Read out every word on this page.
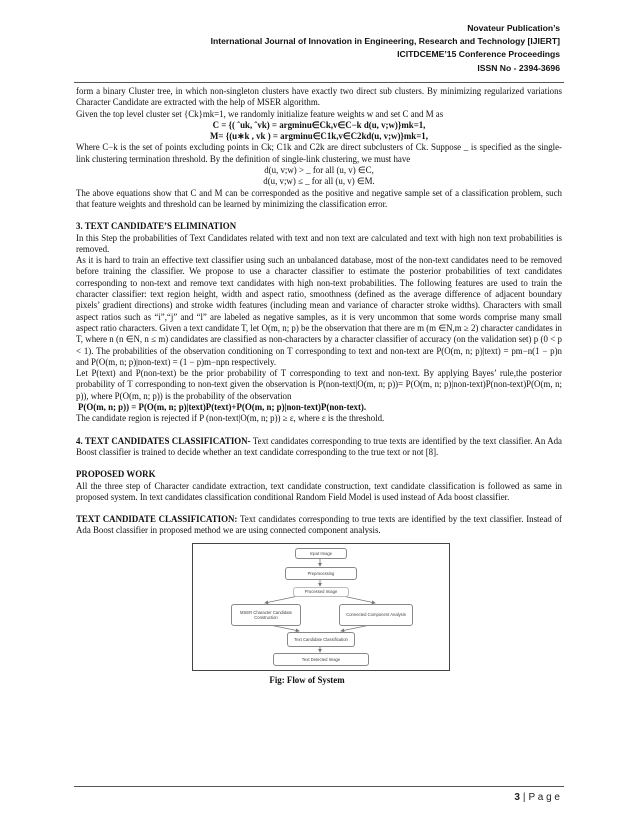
Novateur Publication’s
International Journal of Innovation in Engineering, Research and Technology [IJIERT]
ICITDCEME’15 Conference Proceedings
ISSN No - 2394-3696

form a binary Cluster tree, in which non-singleton clusters have exactly two direct sub clusters. By minimizing regularized variations Character Candidate are extracted with the help of MSER algorithm.

Given the top level cluster set {Ck}mk=1, we randomly initialize feature weights w and set C and M as

C = {( ˆuk, ˆvk) = argminu∈Ck,v∈C−k d(u, v;w)}mk=1,

M= {(u∗k , vk ) = argminu∈C1k,v∈C2kd(u, v;w)}mk=1,

Where C−k is the set of points excluding points in Ck; C1k and C2k are direct subclusters of Ck. Suppose _ is specified as the single-link clustering termination threshold. By the definition of single-link clustering, we must have

d(u, v;w) > _ for all (u, v) ∈C,

d(u, v;w) ≤ _ for all (u, v) ∈M.

The above equations show that C and M can be corresponded as the positive and negative sample set of a classification problem, such that feature weights and threshold can be learned by minimizing the classification error.

3. TEXT CANDIDATE’S ELIMINATION

In this Step the probabilities of Text Candidates related with text and non text are calculated and text with high non text probabilities is removed.

As it is hard to train an effective text classifier using such an unbalanced database, most of the non-text candidates need to be removed before training the classifier. We propose to use a character classifier to estimate the posterior probabilities of text candidates corresponding to non-text and remove text candidates with high non-text probabilities. The following features are used to train the character classifier: text region height, width and aspect ratio, smoothness (defined as the average difference of adjacent boundary pixels’ gradient directions) and stroke width features (including mean and variance of character stroke widths). Characters with small aspect ratios such as “i”,“j” and “l” are labeled as negative samples, as it is very uncommon that some words comprise many small aspect ratio characters. Given a text candidate T, let O(m, n; p) be the observation that there are m (m ∈N,m ≥ 2) character candidates in T, where n (n ∈N, n ≤ m) candidates are classified as non-characters by a character classifier of accuracy (on the validation set) p (0 < p < 1). The probabilities of the observation conditioning on T corresponding to text and non-text are P(O(m, n; p)|text) = pm−n(1 − p)n and P(O(m, n; p)|non-text) = (1 − p)m−npn respectively.

Let P(text) and P(non-text) be the prior probability of T corresponding to text and non-text. By applying Bayes’ rule,the posterior probability of T corresponding to non-text given the observation is P(non-text|O(m, n; p))= P(O(m, n; p)|non-text)P(non-text)P(O(m, n; p)), where P(O(m, n; p)) is the probability of the observation

P(O(m, n; p)) = P(O(m, n; p)|text)P(text)+P(O(m, n; p)|non-text)P(non-text).

The candidate region is rejected if P (non-text|O(m, n; p)) ≥ ε, where ε is the threshold.

4. TEXT CANDIDATES CLASSIFICATION- Text candidates corresponding to true texts are identified by the text classifier. An Ada Boost classifier is trained to decide whether an text candidate corresponding to the true text or not [8].

PROPOSED WORK

All the three step of Character candidate extraction, text candidate construction, text candidate classification is followed as same in proposed system. In text candidates classification conditional Random Field Model is used instead of Ada boost classifier.

TEXT CANDIDATE CLASSIFICATION: Text candidates corresponding to true texts are identified by the text classifier. Instead of Ada Boost classifier in proposed method we are using connected component analysis.

Input Image
Preprocessing
Processed Image
MSER Character Candidate Construction	Connected Component Analysis
Text Candidate Classification
Text Detected Image

Fig: Flow of System

3 | P a g e
